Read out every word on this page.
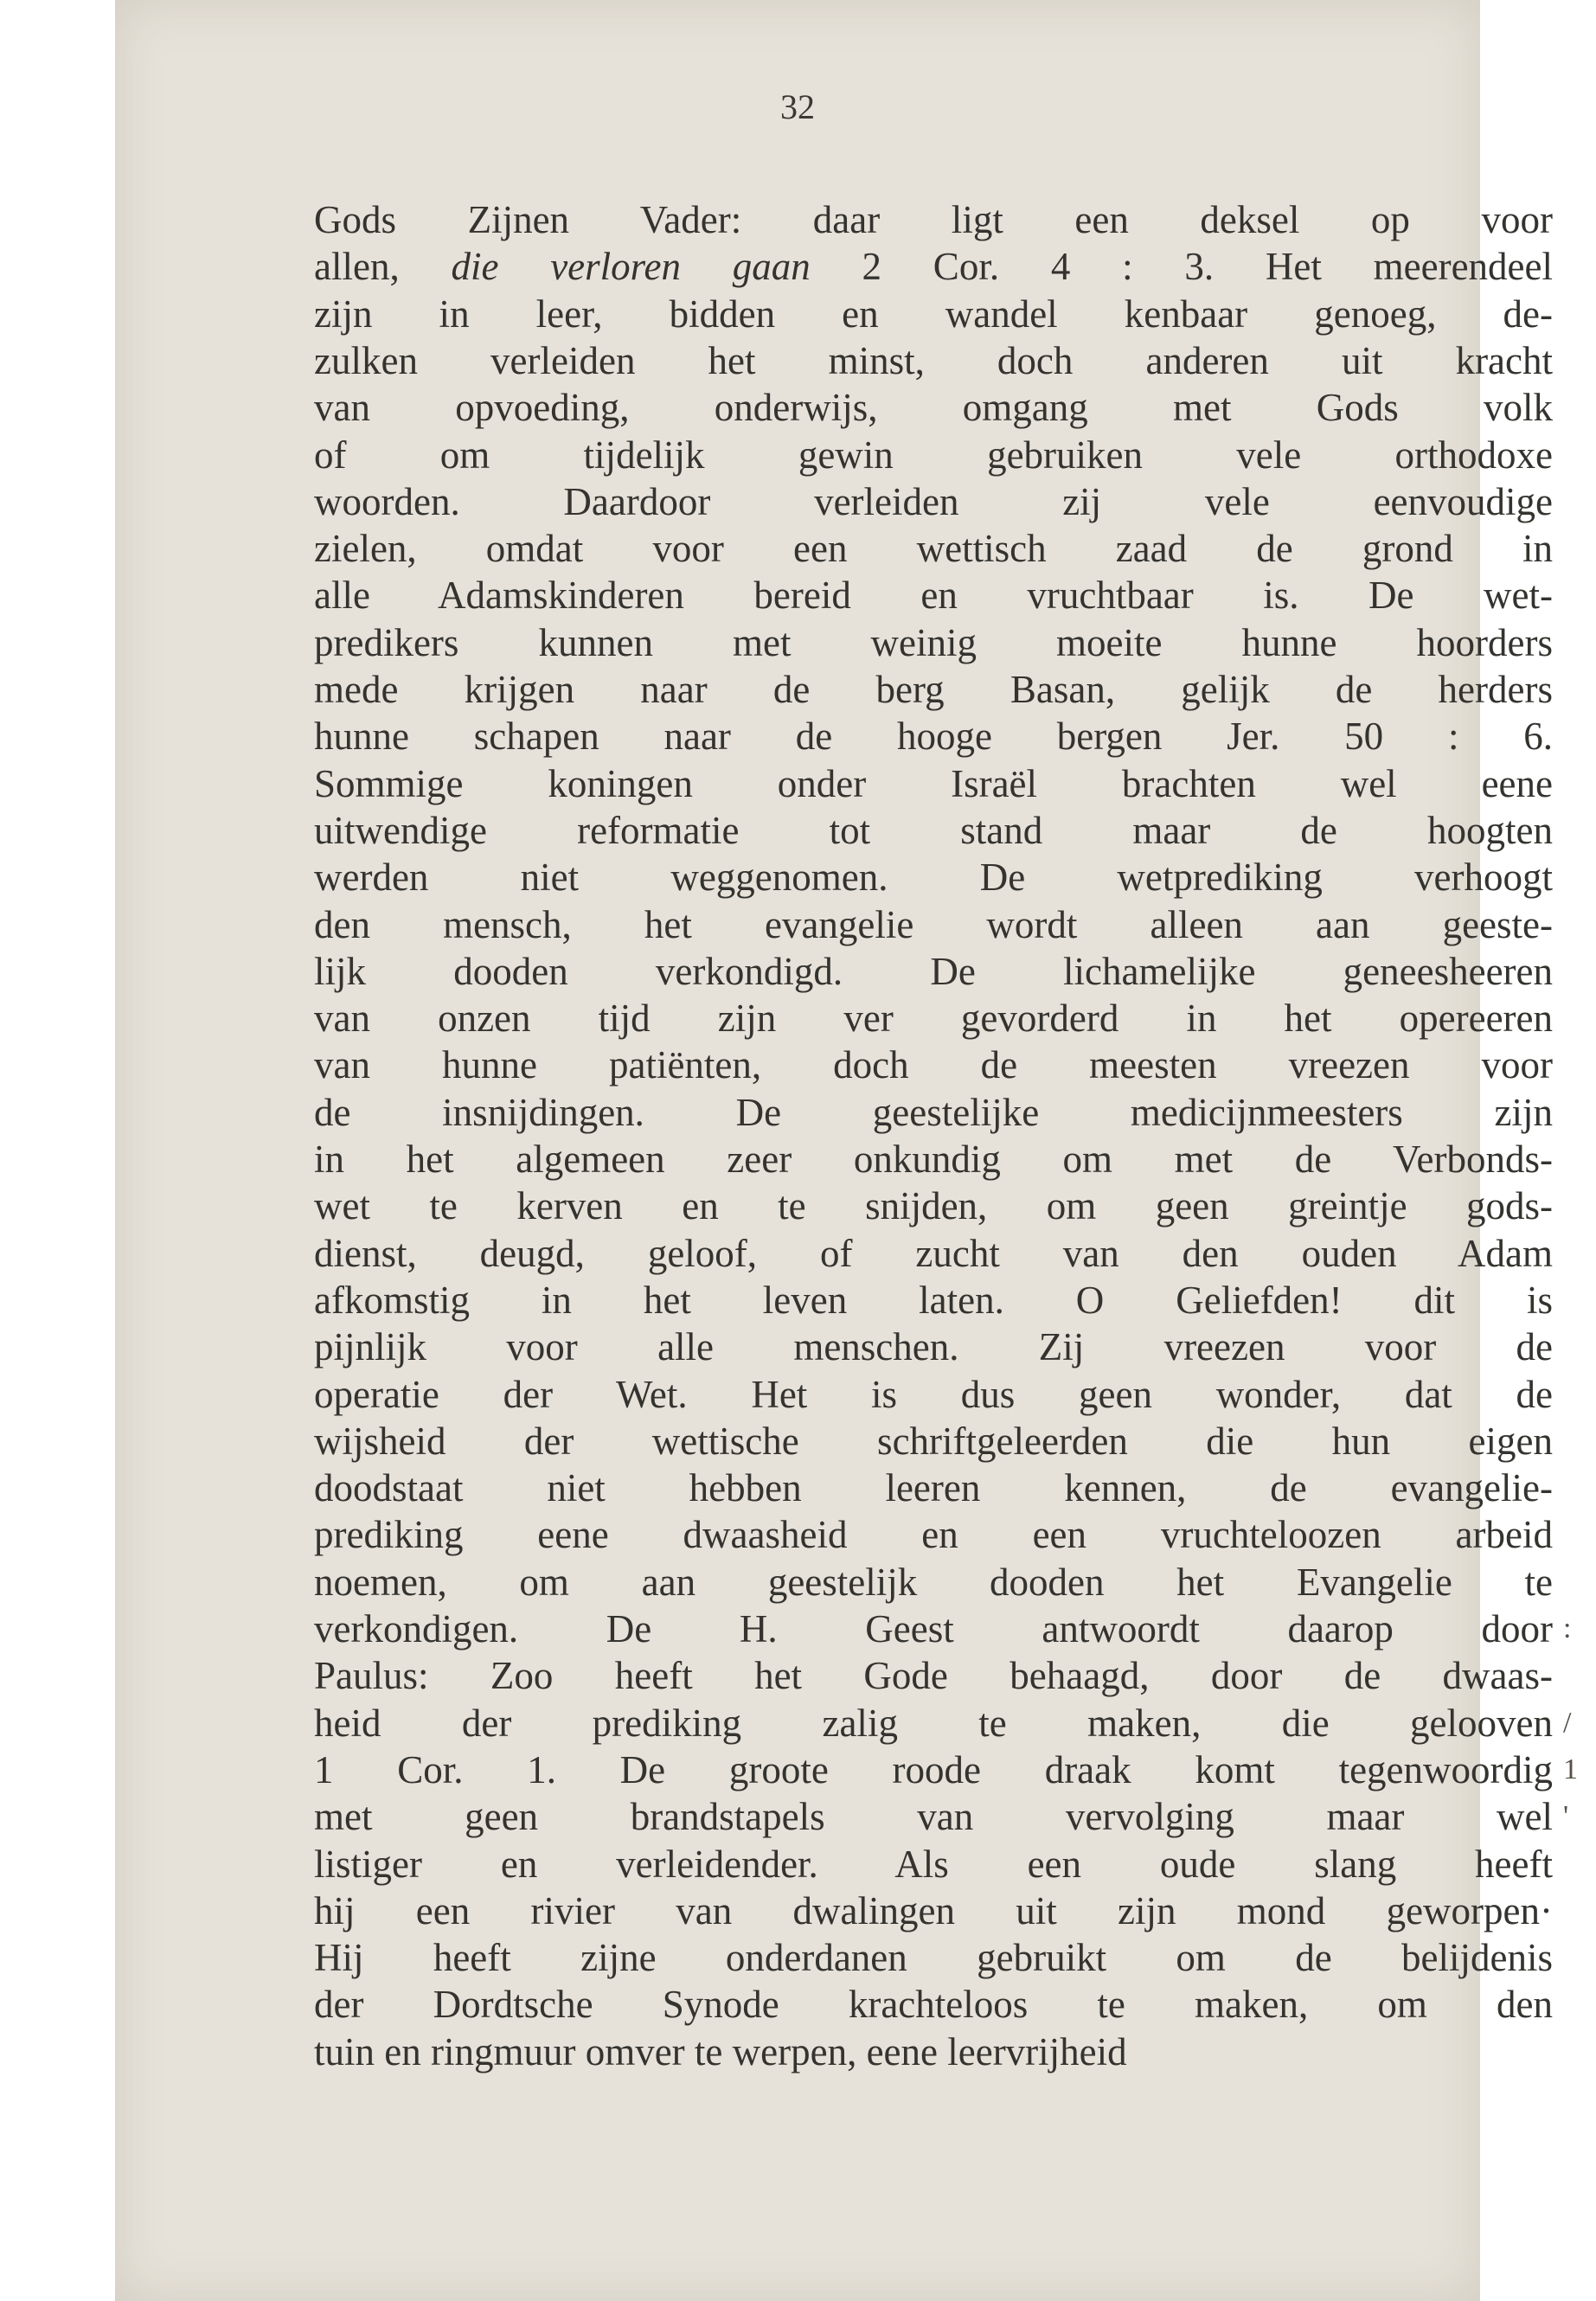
32
Gods Zijnen Vader: daar ligt een deksel op voor
allen, die verloren gaan 2 Cor. 4 : 3. Het meerendeel
zijn in leer, bidden en wandel kenbaar genoeg, de-
zulken verleiden het minst, doch anderen uit kracht
van opvoeding, onderwijs, omgang met Gods volk
of om tijdelijk gewin gebruiken vele orthodoxe
woorden. Daardoor verleiden zij vele eenvoudige
zielen, omdat voor een wettisch zaad de grond in
alle Adamskinderen bereid en vruchtbaar is. De wet-
predikers kunnen met weinig moeite hunne hoorders
mede krijgen naar de berg Basan, gelijk de herders
hunne schapen naar de hooge bergen Jer. 50 : 6.
Sommige koningen onder Israël brachten wel eene
uitwendige reformatie tot stand maar de hoogten
werden niet weggenomen. De wetprediking verhoogt
den mensch, het evangelie wordt alleen aan geeste-
lijk dooden verkondigd. De lichamelijke geneesheeren
van onzen tijd zijn ver gevorderd in het opereeren
van hunne patiënten, doch de meesten vreezen voor
de insnijdingen. De geestelijke medicijnmeesters zijn
in het algemeen zeer onkundig om met de Verbonds-
wet te kerven en te snijden, om geen greintje gods-
dienst, deugd, geloof, of zucht van den ouden Adam
afkomstig in het leven laten. O Geliefden! dit is
pijnlijk voor alle menschen. Zij vreezen voor de
operatie der Wet. Het is dus geen wonder, dat de
wijsheid der wettische schriftgeleerden die hun eigen
doodstaat niet hebben leeren kennen, de evangelie-
prediking eene dwaasheid en een vruchteloozen arbeid
noemen, om aan geestelijk dooden het Evangelie te
verkondigen. De H. Geest antwoordt daarop door
Paulus: Zoo heeft het Gode behaagd, door de dwaas-
heid der prediking zalig te maken, die gelooven
1 Cor. 1. De groote roode draak komt tegenwoordig
met geen brandstapels van vervolging maar wel
listiger en verleidender. Als een oude slang heeft
hij een rivier van dwalingen uit zijn mond geworpen·
Hij heeft zijne onderdanen gebruikt om de belijdenis
der Dordtsche Synode krachteloos te maken, om den
tuin en ringmuur omver te werpen, eene leervrijheid
:
/
1
'
